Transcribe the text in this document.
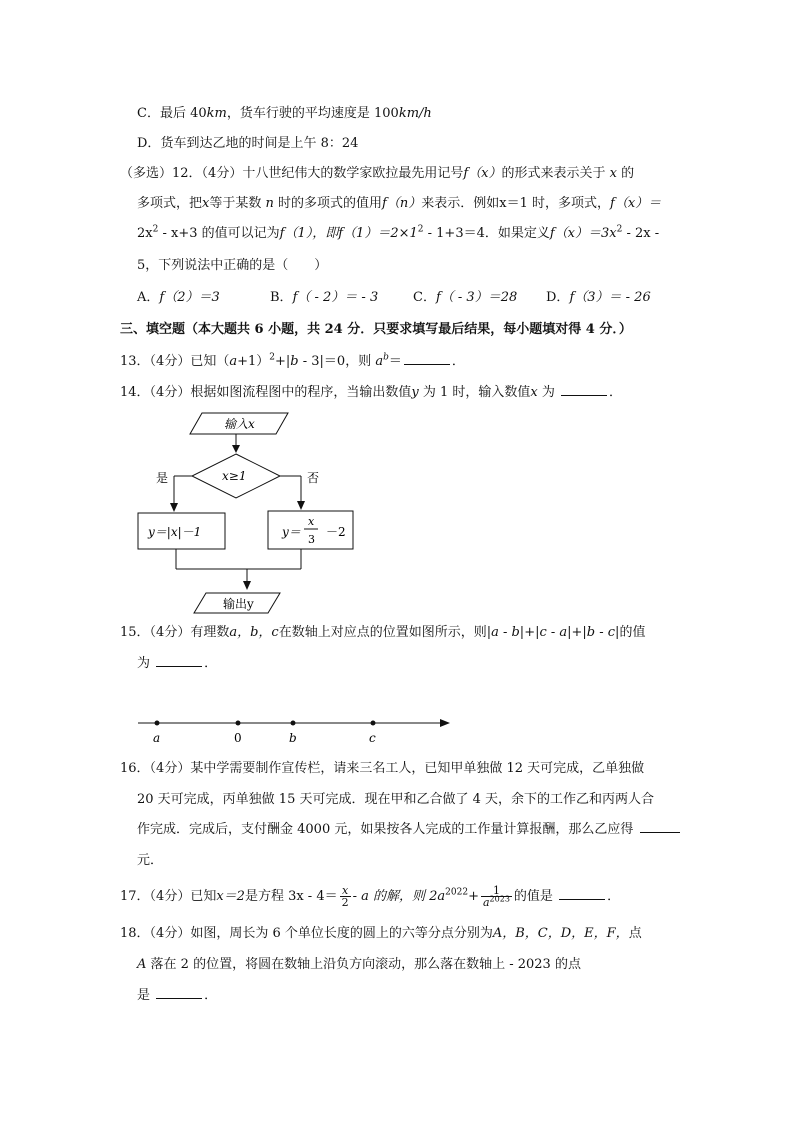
C．最后 40km，货车行驶的平均速度是 100km/h
D．货车到达乙地的时间是上午 8：24
（多选）12．（4分）十八世纪伟大的数学家欧拉最先用记号f（x）的形式来表示关于 x 的
多项式，把x等于某数 n 时的多项式的值用f（n）来表示．例如x＝1 时，多项式，f（x）＝
$2x^2 - x+3$ 的值可以记为f（1），即$f(1)=2\times 1^2 - 1+3=4$．如果定义$f(x)=3x^2 - 2x$ -
5，下列说法中正确的是（　　）
A．f（2）＝3	B．f（ - 2）＝ - 3	C．f（ - 3）＝28 D．f（3）＝ - 26
三、填空题（本大题共 6 小题，共 24 分．只要求填写最后结果，每小题填对得 4 分．）
13．（4分）已知$(a+1)^2+|b - 3|=0$，则 $a^b=$	．
14．（4分）根据如图流程图中的程序，当输出数值y 为 1 时，输入数值x 为	．
输入x
x≥1
是	否
y＝|x|－1	y＝
x
3
－2
输出y
15．（4分）有理数a，b，c在数轴上对应点的位置如图所示，则|a - b|+|c - a|+|b - c|的值
为	．
a	0	b	c
16．（4分）某中学需要制作宣传栏，请来三名工人，已知甲单独做 12 天可完成，乙单独做
20 天可完成，丙单独做 15 天可完成．现在甲和乙合做了 4 天，余下的工作乙和丙两人合
作完成．完成后，支付酬金 4000 元，如果按各人完成的工作量计算报酬，那么乙应得
元．
17．（4分）已知x＝2是方程 $3x - 4= \frac{x}{2} - a$ 的解，则 $2a^{2022}+ \frac{1}{a^{2023}}$ 的值是	．
18．（4分）如图，周长为 6 个单位长度的圆上的六等分点分别为A，B，C，D，E，F，点
A 落在 2 的位置，将圆在数轴上沿负方向滚动，那么落在数轴上 - 2023 的点
是	．
